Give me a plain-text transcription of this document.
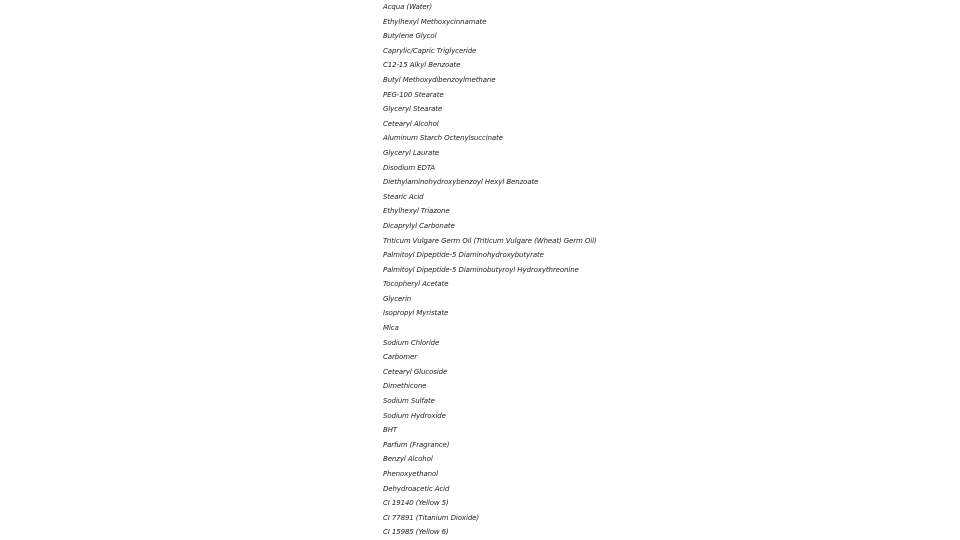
Acqua (Water)
Ethylhexyl Methoxycinnamate
Butylene Glycol
Caprylic/Capric Triglyceride
C12-15 Alkyl Benzoate
Butyl Methoxydibenzoylmethane
PEG-100 Stearate
Glyceryl Stearate
Cetearyl Alcohol
Aluminum Starch Octenylsuccinate
Glyceryl Laurate
Disodium EDTA
Diethylaminohydroxybenzoyl Hexyl Benzoate
Stearic Acid
Ethylhexyl Triazone
Dicaprylyl Carbonate
Triticum Vulgare Germ Oil (Triticum Vulgare (Wheat) Germ Oil)
Palmitoyl Dipeptide-5 Diaminohydroxybutyrate
Palmitoyl Dipeptide-5 Diaminobutyroyl Hydroxythreonine
Tocopheryl Acetate
Glycerin
Isopropyl Myristate
Mica
Sodium Chloride
Carbomer
Cetearyl Glucoside
Dimethicone
Sodium Sulfate
Sodium Hydroxide
BHT
Parfum (Fragrance)
Benzyl Alcohol
Phenoxyethanol
Dehydroacetic Acid
CI 19140 (Yellow 5)
CI 77891 (Titanium Dioxide)
CI 15985 (Yellow 6)
